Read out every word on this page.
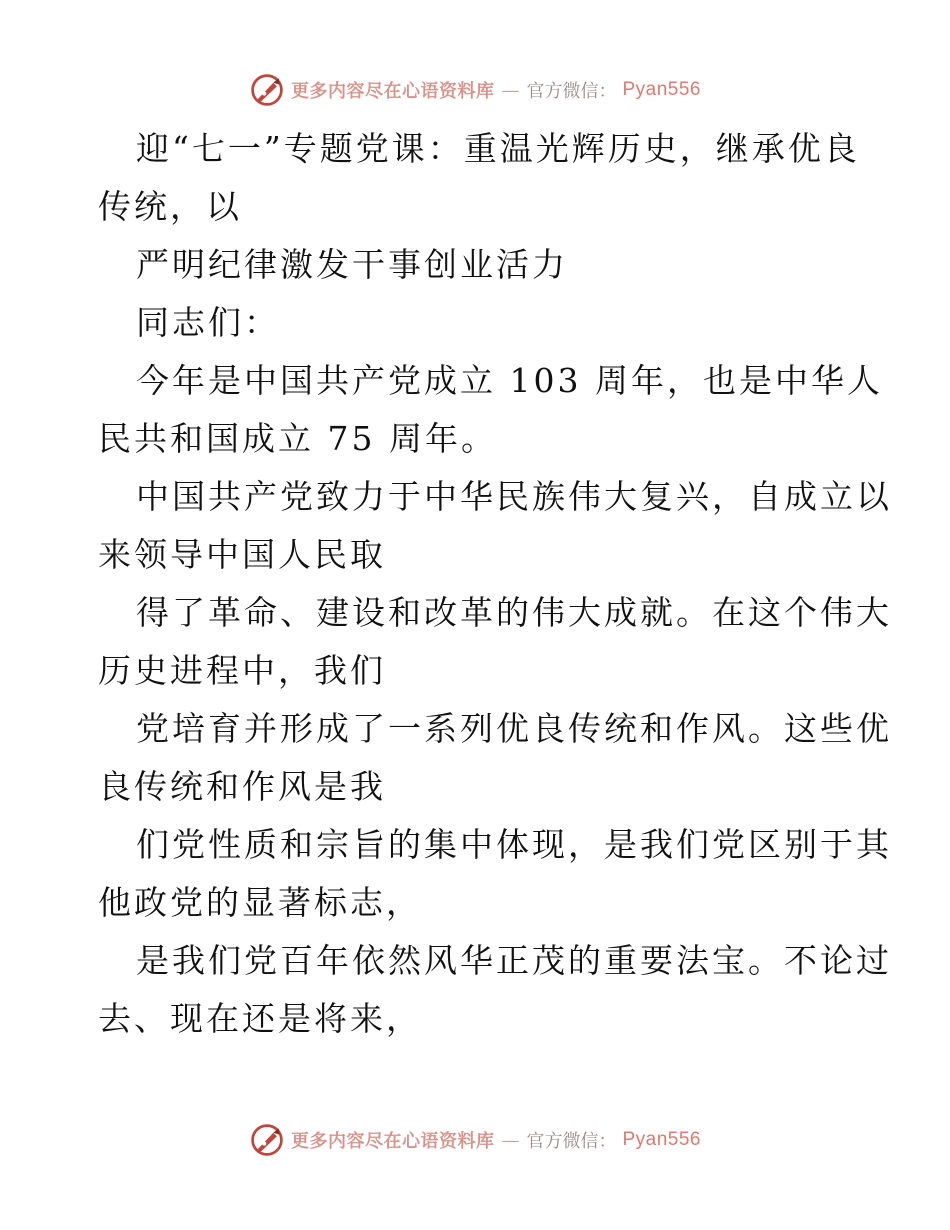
更多内容尽在心语资料库 — 官方微信： Pyan556
迎“七一”专题党课：重温光辉历史，继承优良
传统，以
严明纪律激发干事创业活力
同志们：
今年是中国共产党成立 103 周年，也是中华人
民共和国成立 75 周年。
中国共产党致力于中华民族伟大复兴，自成立以
来领导中国人民取
得了革命、建设和改革的伟大成就。在这个伟大
历史进程中，我们
党培育并形成了一系列优良传统和作风。这些优
良传统和作风是我
们党性质和宗旨的集中体现，是我们党区别于其
他政党的显著标志，
是我们党百年依然风华正茂的重要法宝。不论过
去、现在还是将来，
更多内容尽在心语资料库 — 官方微信： Pyan556
